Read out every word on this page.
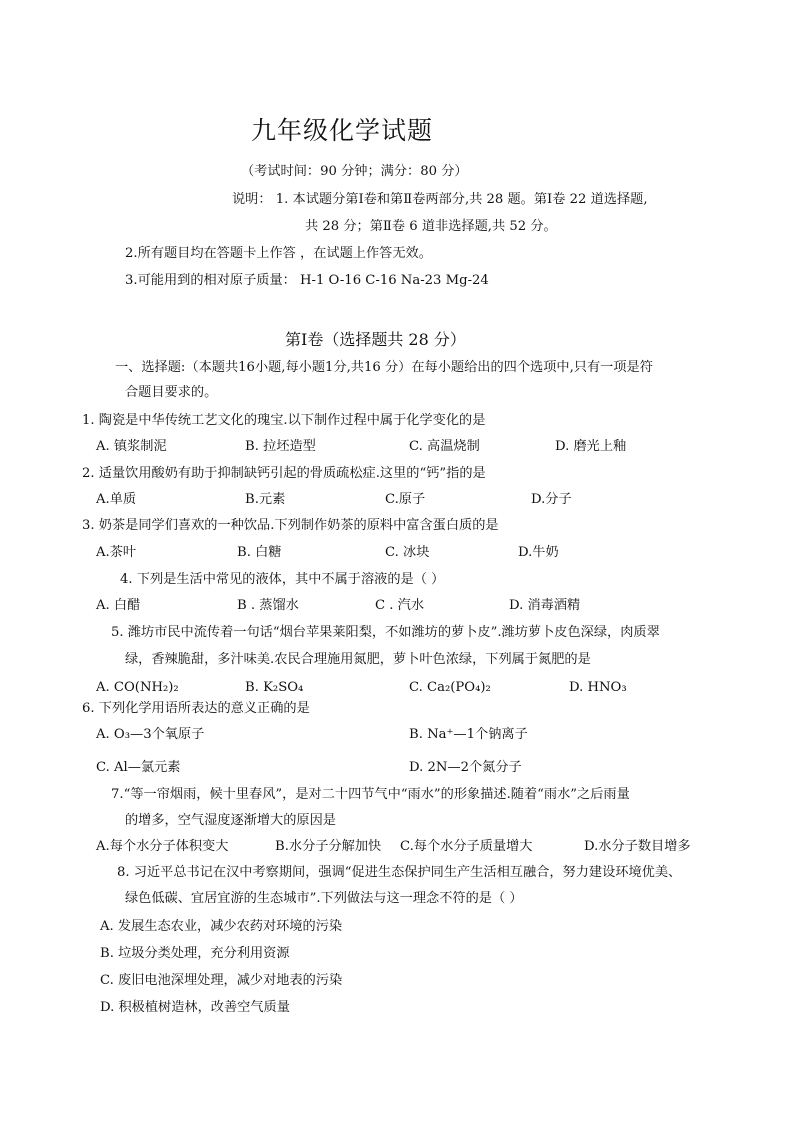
九年级化学试题
（考试时间：90 分钟；满分：80 分）
说明： 1. 本试题分第Ⅰ卷和第Ⅱ卷两部分,共 28 题。第Ⅰ卷 22 道选择题,
共 28 分；第Ⅱ卷 6 道非选择题,共 52 分。
2.所有题目均在答题卡上作答 ，在试题上作答无效。
3.可能用到的相对原子质量： H-1 O-16 C-16 Na-23 Mg-24
第Ⅰ卷（选择题共 28 分）
一、选择题:（本题共16小题,每小题1分,共16 分）在每小题给出的四个选项中,只有一项是符
合题目要求的。
1. 陶瓷是中华传统工艺文化的瑰宝.以下制作过程中属于化学变化的是
A. 镇浆制泥	B. 拉坯造型	C. 高温烧制	D. 磨光上釉
2. 适量饮用酸奶有助于抑制缺钙引起的骨质疏松症.这里的“钙”指的是
A.单质	B.元素	C.原子	D.分子
3. 奶茶是同学们喜欢的一种饮品.下列制作奶茶的原料中富含蛋白质的是
A.茶叶	B. 白糖	C. 冰块	D.牛奶
4. 下列是生活中常见的液体，其中不属于溶液的是（ ）
A. 白醋	B . 蒸馏水	C . 汽水	D. 消毒酒精
5. 潍坊市民中流传着一句话“烟台苹果莱阳梨，不如潍坊的萝卜皮”.潍坊萝卜皮色深绿，肉质翠
绿，香辣脆甜，多汁味美.农民合理施用氮肥，萝卜叶色浓绿，下列属于氮肥的是
A. CO(NH₂)₂	B. K₂SO₄	C. Ca₂(PO₄)₂	D. HNO₃
6. 下列化学用语所表达的意义正确的是
A. O₃—3个氧原子	B. Na⁺—1个钠离子
C. Al—氯元素	D. 2N—2个氮分子
7.“等一帘烟雨，候十里春风”，是对二十四节气中“雨水”的形象描述.随着“雨水”之后雨量
的增多，空气湿度逐渐增大的原因是
A.每个水分子体积变大	B.水分子分解加快 C.每个水分子质量增大	D.水分子数目增多
8. 习近平总书记在汉中考察期间，强调“促进生态保护同生产生活相互融合，努力建设环境优美、
绿色低碳、宜居宜游的生态城市”.下列做法与这一理念不符的是（ ）
A. 发展生态农业，减少农药对环境的污染
B. 垃圾分类处理，充分利用资源
C. 废旧电池深埋处理，减少对地表的污染
D. 积极植树造林，改善空气质量
